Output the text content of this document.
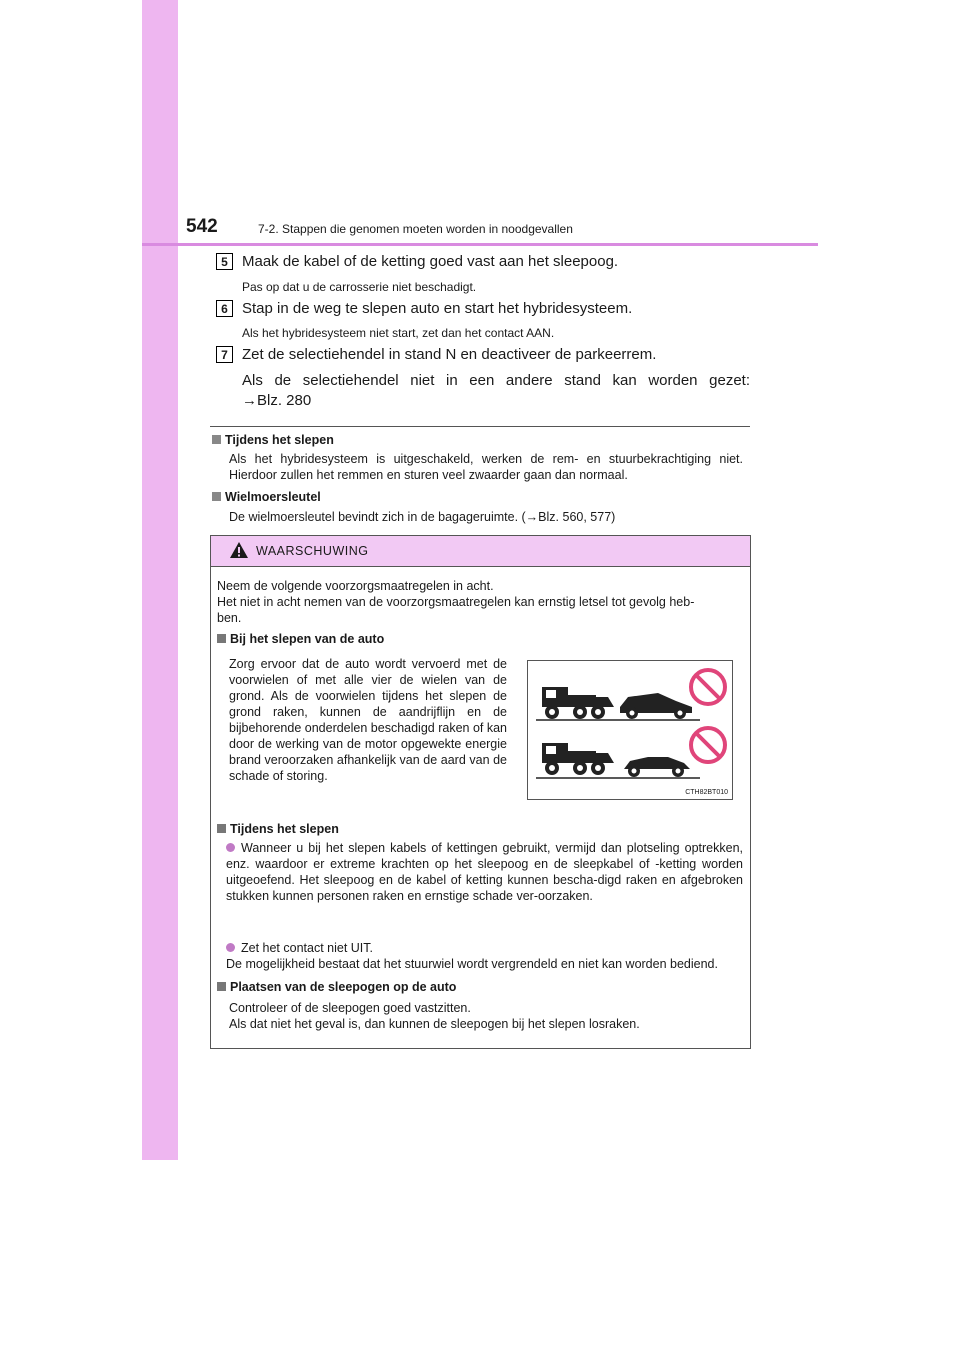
542	7-2. Stappen die genomen moeten worden in noodgevallen
5 Maak de kabel of de ketting goed vast aan het sleepoog.
Pas op dat u de carrosserie niet beschadigt.
6 Stap in de weg te slepen auto en start het hybridesysteem.
Als het hybridesysteem niet start, zet dan het contact AAN.
7 Zet de selectiehendel in stand N en deactiveer de parkeerrem.
Als de selectiehendel niet in een andere stand kan worden gezet:
→Blz. 280
Tijdens het slepen
Als het hybridesysteem is uitgeschakeld, werken de rem- en stuurbekrachtiging niet. Hierdoor zullen het remmen en sturen veel zwaarder gaan dan normaal.
Wielmoersleutel
De wielmoersleutel bevindt zich in de bagageruimte. (→Blz. 560, 577)
WAARSCHUWING
Neem de volgende voorzorgsmaatregelen in acht.
Het niet in acht nemen van de voorzorgsmaatregelen kan ernstig letsel tot gevolg heb-
ben.
Bij het slepen van de auto
Zorg ervoor dat de auto wordt vervoerd met de voorwielen of met alle vier de wielen van de grond. Als de voorwielen tijdens het slepen de grond raken, kunnen de aandrijflijn en de bijbehorende onderdelen beschadigd raken of kan door de werking van de motor opgewekte energie brand veroorzaken afhankelijk van de aard van de schade of storing.
CTH82BT010
Tijdens het slepen
Wanneer u bij het slepen kabels of kettingen gebruikt, vermijd dan plotseling optrekken, enz. waardoor er extreme krachten op het sleepoog en de sleepkabel of -ketting worden uitgeoefend. Het sleepoog en de kabel of ketting kunnen bescha-digd raken en afgebroken stukken kunnen personen raken en ernstige schade ver-oorzaken.

Zet het contact niet UIT.
De mogelijkheid bestaat dat het stuurwiel wordt vergrendeld en niet kan worden bediend.

Plaatsen van de sleepogen op de auto
Controleer of de sleepogen goed vastzitten.
Als dat niet het geval is, dan kunnen de sleepogen bij het slepen losraken.
